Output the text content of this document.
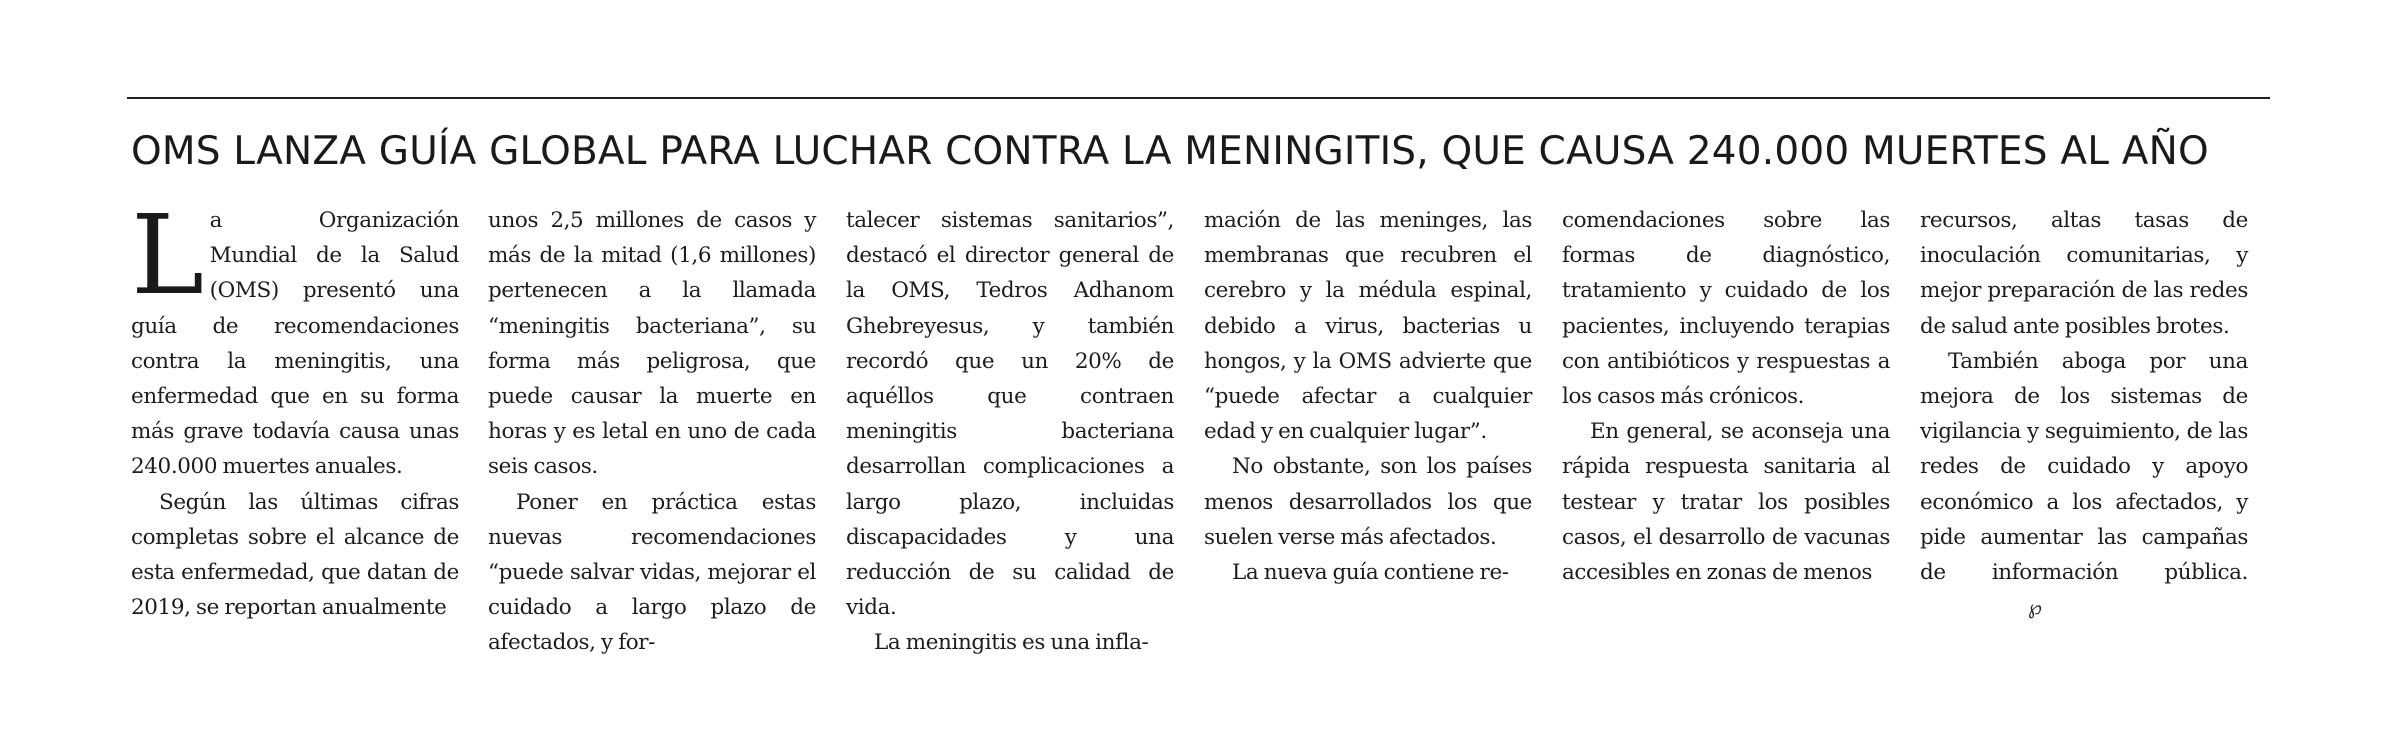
OMS LANZA GUÍA GLOBAL PARA LUCHAR CONTRA LA MENINGITIS, QUE CAUSA 240.000 MUERTES AL AÑO

La Organización Mundial de la Salud (OMS) presentó una guía de recomendaciones contra la meningitis, una enfermedad que en su forma más grave todavía causa unas 240.000 muertes anuales.

Según las últimas cifras completas sobre el alcance de esta enfermedad, que datan de 2019, se reportan anualmente

unos 2,5 millones de casos y más de la mitad (1,6 millones) pertenecen a la llamada “meningitis bacteriana”, su forma más peligrosa, que puede causar la muerte en horas y es letal en uno de cada seis casos.

Poner en práctica estas nuevas recomendaciones “puede salvar vidas, mejorar el cuidado a largo plazo de afectados, y for-

talecer sistemas sanitarios”, destacó el director general de la OMS, Tedros Adhanom Ghebreyesus, y también recordó que un 20% de aquéllos que contraen meningitis bacteriana desarrollan complicaciones a largo plazo, incluidas discapacidades y una reducción de su calidad de vida.

La meningitis es una infla-

mación de las meninges, las membranas que recubren el cerebro y la médula espinal, debido a virus, bacterias u hongos, y la OMS advierte que “puede afectar a cualquier edad y en cualquier lugar”.

No obstante, son los países menos desarrollados los que suelen verse más afectados.

La nueva guía contiene re-

comendaciones sobre las formas de diagnóstico, tratamiento y cuidado de los pacientes, incluyendo terapias con antibióticos y respuestas a los casos más crónicos.

En general, se aconseja una rápida respuesta sanitaria al testear y tratar los posibles casos, el desarrollo de vacunas accesibles en zonas de menos

recursos, altas tasas de inoculación comunitarias, y mejor preparación de las redes de salud ante posibles brotes.

También aboga por una mejora de los sistemas de vigilancia y seguimiento, de las redes de cuidado y apoyo económico a los afectados, y pide aumentar las campañas de información pública.℘
